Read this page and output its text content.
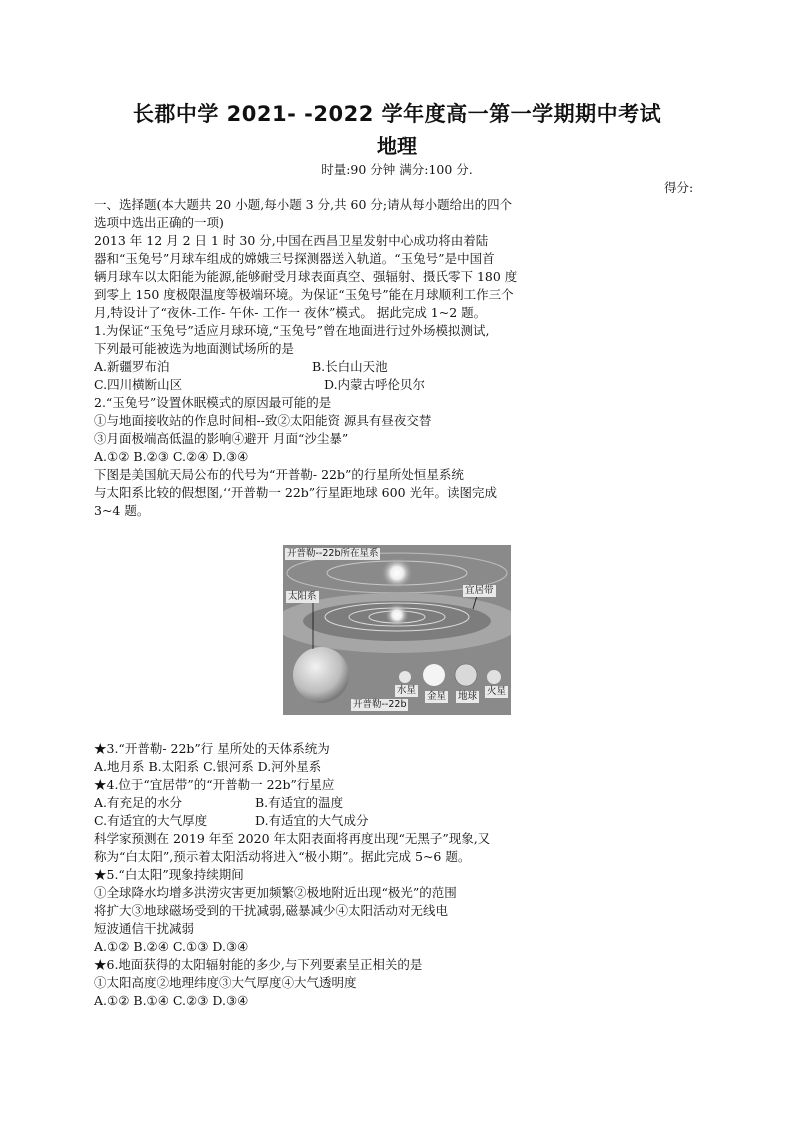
长郡中学 2021- -2022 学年度高一第一学期期中考试
地理
时量:90 分钟 满分:100 分.
得分:
一、选择题(本大题共 20 小题,每小题 3 分,共 60 分;请从每小题给出的四个
选项中选出正确的一项)
2013 年 12 月 2 日 1 时 30 分,中国在西昌卫星发射中心成功将由着陆
器和“玉兔号”月球车组成的嫦娥三号探测器送入轨道。“玉兔号”是中国首
辆月球车以太阳能为能源,能够耐受月球表面真空、强辐射、摄氏零下 180 度
到零上 150 度极限温度等极端环境。为保证“玉兔号”能在月球顺利工作三个
月,特设计了“夜休-工作- 午休- 工作一 夜休”模式。 据此完成 1~2 题。
1.为保证“玉兔号”适应月球环境,“玉兔号”曾在地面进行过外场模拟测试,
下列最可能被选为地面测试场所的是
A.新疆罗布泊	B.长白山天池
C.四川横断山区	D.内蒙古呼伦贝尔
2.“玉兔号”设置休眠模式的原因最可能的是
①与地面接收站的作息时间相--致②太阳能资 源具有昼夜交替
③月面极端高低温的影响④避开 月面“沙尘暴”
A.①② B.②③ C.②④ D.③④
下图是美国航天局公布的代号为“开普勒- 22b”的行星所处恒星系统
与太阳系比较的假想图,‘‘开普勒一 22b”行星距地球 600 光年。读图完成
3~4 题。
开普勒--22b所在星系
太阳系
宜居带
水星
金星 地球 火星
开普勒--22b
★3.“开普勒- 22b”行 星所处的天体系统为
A.地月系 B.太阳系 C.银河系 D.河外星系
★4.位于“宜居带”的“开普勒一 22b”行星应
A.有充足的水分	B.有适宜的温度
C.有适宜的大气厚度	D.有适宜的大气成分
科学家预测在 2019 年至 2020 年太阳表面将再度出现“无黑子”现象,又
称为“白太阳”,预示着太阳活动将进入“极小期”。据此完成 5~6 题。
★5.“白太阳”现象持续期间
①全球降水均增多洪涝灾害更加频繁②极地附近出现“极光”的范围
将扩大③地球磁场受到的干扰减弱,磁暴减少④太阳活动对无线电
短波通信干扰减弱
A.①② B.②④ C.①③ D.③④
★6.地面获得的太阳辐射能的多少,与下列要素呈正相关的是
①太阳高度②地理纬度③大气厚度④大气透明度
A.①② B.①④ C.②③ D.③④
